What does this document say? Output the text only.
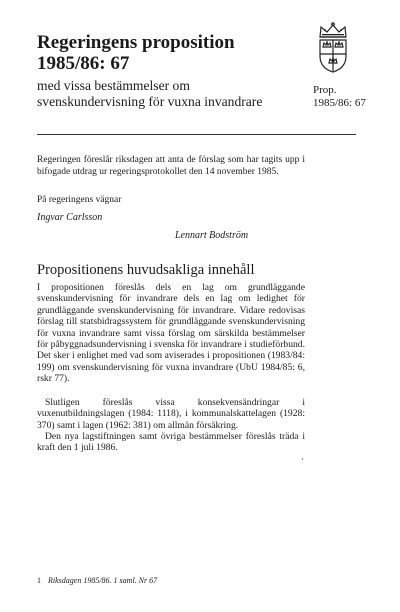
Regeringens proposition
1985/86: 67
med vissa bestämmelser om
svenskundervisning för vuxna invandrare
Prop.
1985/86: 67
Regeringen föreslår riksdagen att anta de förslag som har tagits upp i bifogade utdrag ur regeringsprotokollet den 14 november 1985.
På regeringens vägnar
Ingvar Carlsson
Lennart Bodström
Propositionens huvudsakliga innehåll
I propositionen föreslås dels en lag om grundläggande svenskundervisning för invandrare dels en lag om ledighet för grundläggande svenskundervisning för invandrare. Vidare redovisas förslag till statsbidragssystem för grundläggande svenskundervisning för vuxna invandrare samt vissa förslag om särskilda bestämmelser för påbyggnadsundervisning i svenska för invandrare i studieförbund. Det sker i enlighet med vad som aviserades i propositionen (1983/84: 199) om svenskundervisning för vuxna invandrare (UbU 1984/85: 6, rskr 77).
Slutligen föreslås vissa konsekvensändringar i vuxenutbildningslagen (1984: 1118), i kommunalskattelagen (1928: 370) samt i lagen (1962: 381) om allmän försäkring.
Den nya lagstiftningen samt övriga bestämmelser föreslås träda i kraft den 1 juli 1986.
1 Riksdagen 1985/86. 1 saml. Nr 67
